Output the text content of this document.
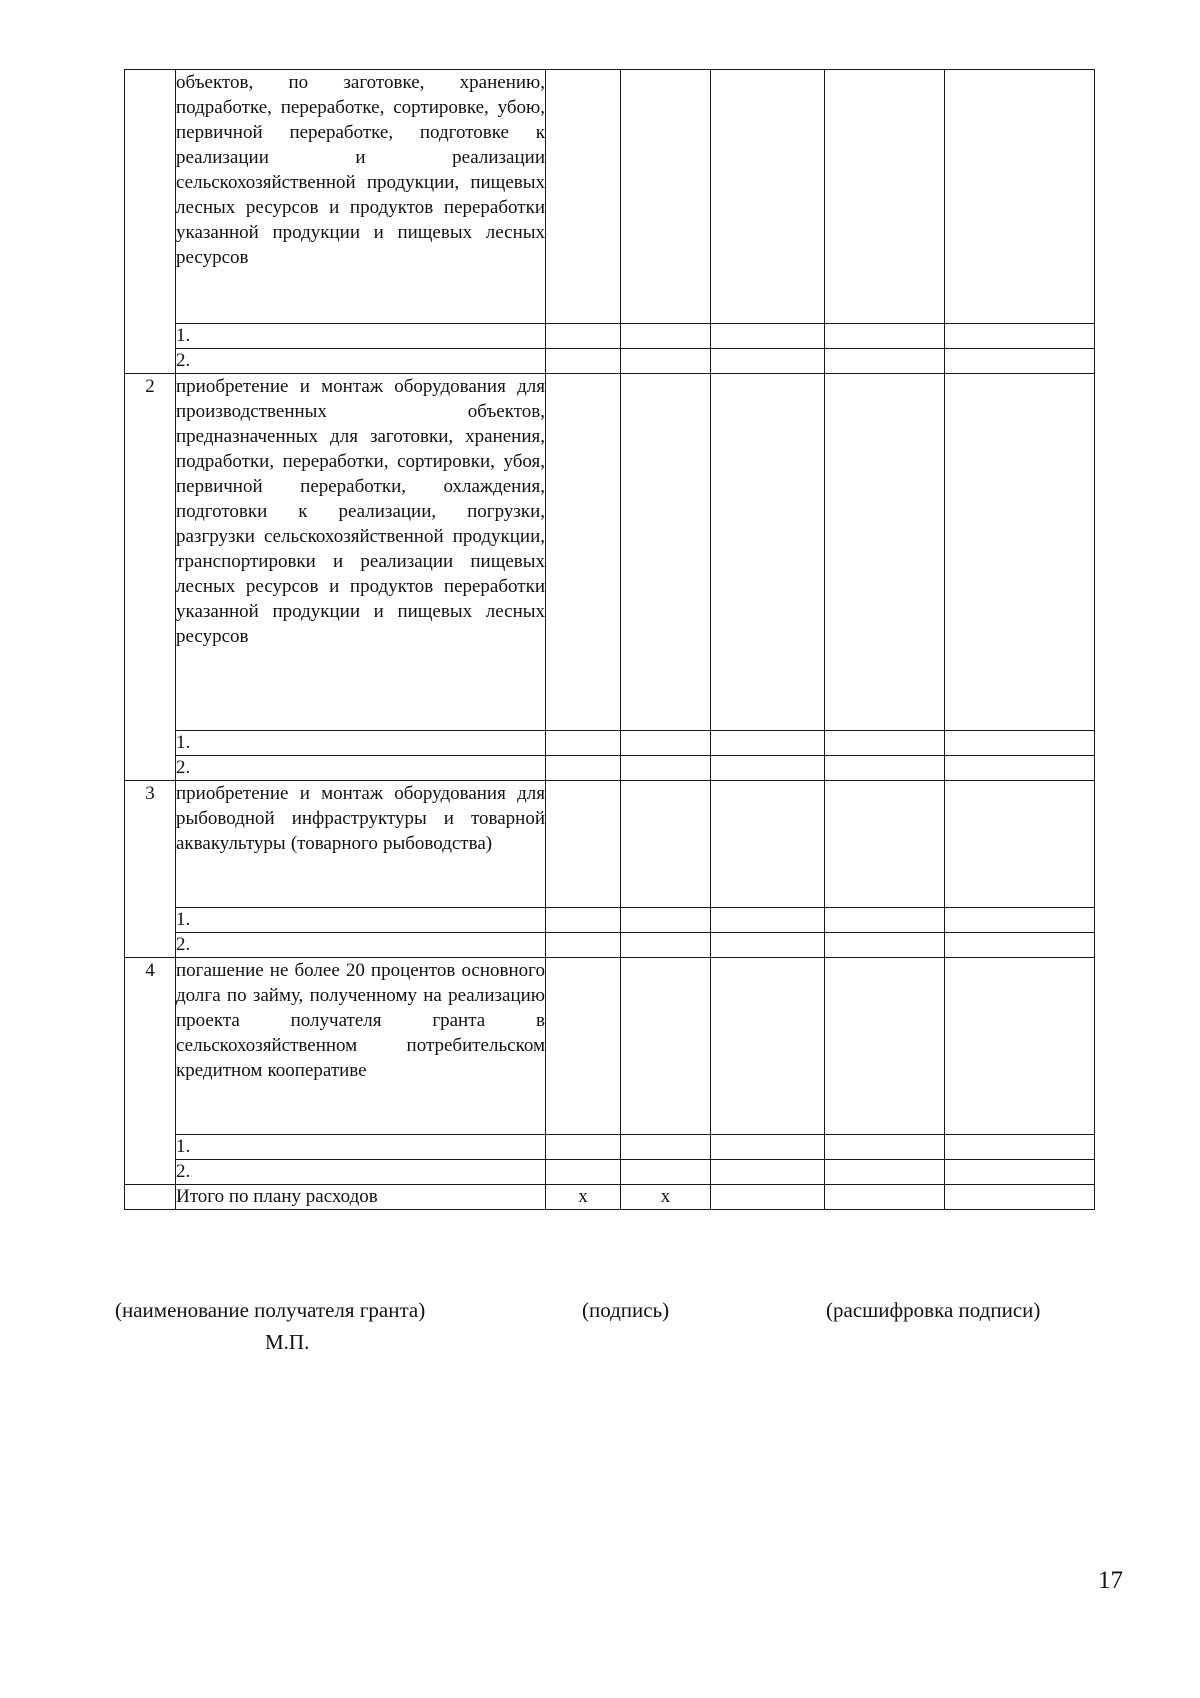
	объектов, по заготовке, хранению, подработке, переработке, сортировке, убою, первичной переработке, подготовке к реализации и реализации сельскохозяйственной продукции, пищевых лесных ресурсов и продуктов переработки указанной продукции и пищевых лесных ресурсов					

	1.					
	2.					
2	приобретение и монтаж оборудования для производственных объектов, предназначенных для заготовки, хранения, подработки, переработки, сортировки, убоя, первичной переработки, охлаждения, подготовки к реализации, погрузки, разгрузки сельскохозяйственной продукции, транспортировки и реализации пищевых лесных ресурсов и продуктов переработки указанной продукции и пищевых лесных ресурсов					

	1.					
	2.					
3	приобретение и монтаж оборудования для рыбоводной инфраструктуры и товарной аквакультуры (товарного рыбоводства)					

	1.					
	2.					
4	погашение не более 20 процентов основного долга по займу, полученному на реализацию проекта получателя гранта в сельскохозяйственном потребительском кредитном кооперативе					

	1.					
	2.					
	Итого по плану расходов	x	x			
(наименование получателя гранта)	(подпись)	(расшифровка подписи)
М.П.
17
